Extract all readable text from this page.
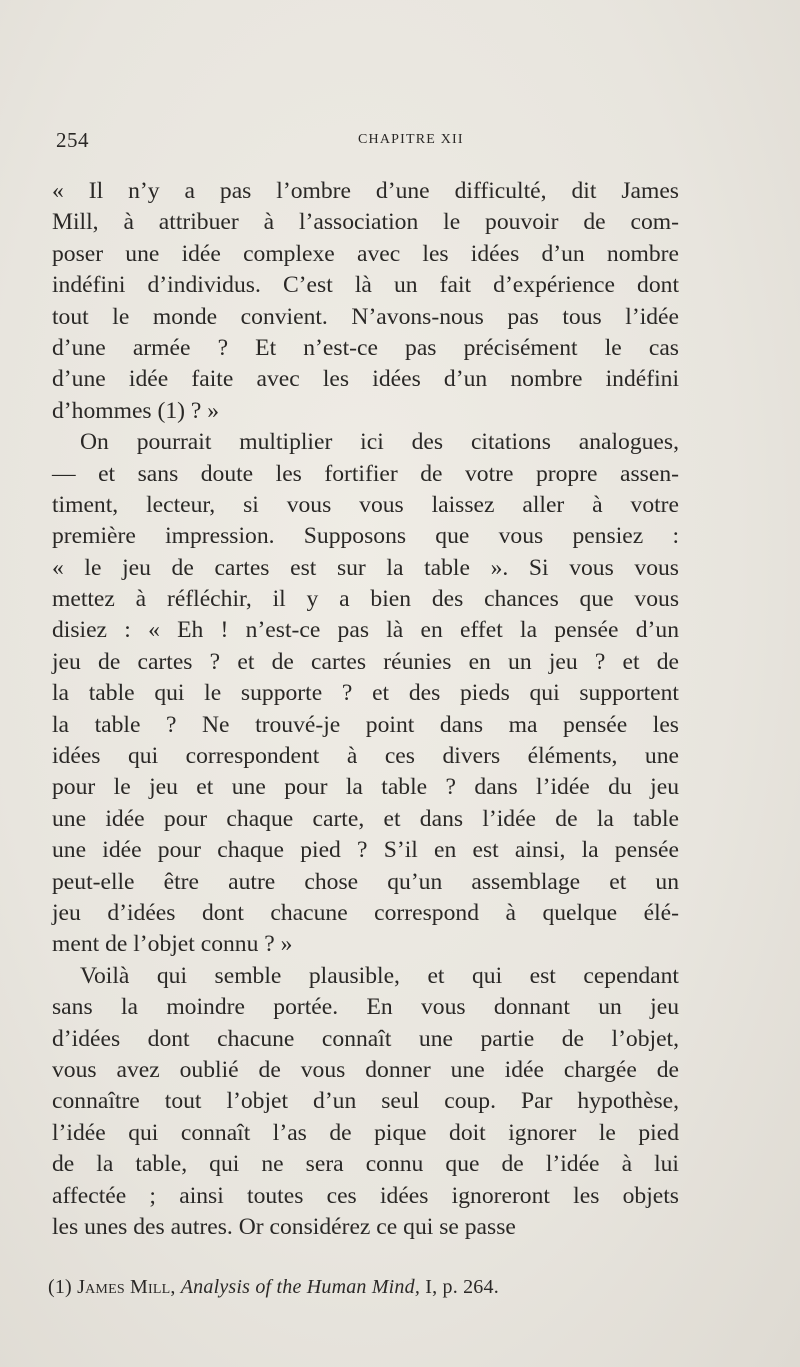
254	CHAPITRE XII
« Il n’y a pas l’ombre d’une difficulté, dit James
Mill, à attribuer à l’association le pouvoir de com-
poser une idée complexe avec les idées d’un nombre
indéfini d’individus. C’est là un fait d’expérience dont
tout le monde convient. N’avons-nous pas tous l’idée
d’une armée ? Et n’est-ce pas précisément le cas
d’une idée faite avec les idées d’un nombre indéfini
d’hommes (1) ? »
On pourrait multiplier ici des citations analogues,
— et sans doute les fortifier de votre propre assen-
timent, lecteur, si vous vous laissez aller à votre
première impression. Supposons que vous pensiez :
« le jeu de cartes est sur la table ». Si vous vous
mettez à réfléchir, il y a bien des chances que vous
disiez : « Eh ! n’est-ce pas là en effet la pensée d’un
jeu de cartes ? et de cartes réunies en un jeu ? et de
la table qui le supporte ? et des pieds qui supportent
la table ? Ne trouvé-je point dans ma pensée les
idées qui correspondent à ces divers éléments, une
pour le jeu et une pour la table ? dans l’idée du jeu
une idée pour chaque carte, et dans l’idée de la table
une idée pour chaque pied ? S’il en est ainsi, la pensée
peut-elle être autre chose qu’un assemblage et un
jeu d’idées dont chacune correspond à quelque élé-
ment de l’objet connu ? »
Voilà qui semble plausible, et qui est cependant
sans la moindre portée. En vous donnant un jeu
d’idées dont chacune connaît une partie de l’objet,
vous avez oublié de vous donner une idée chargée de
connaître tout l’objet d’un seul coup. Par hypothèse,
l’idée qui connaît l’as de pique doit ignorer le pied
de la table, qui ne sera connu que de l’idée à lui
affectée ; ainsi toutes ces idées ignoreront les objets
les unes des autres. Or considérez ce qui se passe
(1) James Mill, Analysis of the Human Mind, I, p. 264.
